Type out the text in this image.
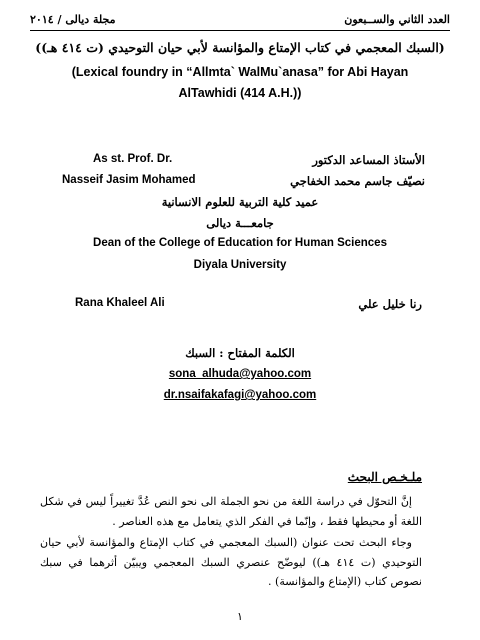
مجلة ديالى / ٢٠١٤	العدد الثاني والســبعون
(السبك المعجمي في كتاب الإمتاع والمؤانسة لأبي حيان التوحيدي (ت ٤١٤ هـ))
(Lexical foundry in “Allmta` WalMu`anasa” for Abi Hayan
AlTawhidi (414 A.H.))
As st. Prof. Dr.	الأستاذ المساعد الدكتور
Nasseif Jasim Mohamed	نصيّف جاسم محمد الخفاجي
عميد كلية التربية للعلوم الانسانية
جامعـــة ديالى
Dean of the College of Education for Human Sciences
Diyala University
Rana Khaleel Ali	رنا خليل علي
الكلمة المفتاح : السبك
sona_alhuda@yahoo.com
dr.nsaifakafagi@yahoo.com
ملـخـص البحث

إنَّ التحوّل في دراسة اللغة من نحو الجملة الى نحو النص عُدَّ تغييراً ليس في شكل اللغة أو محيطها فقط ، وإنّما في الفكر الذي يتعامل مع هذه العناصر .

وجاء البحث تحت عنوان (السبك المعجمي في كتاب الإمتاع والمؤانسة لأبي حيان التوحيدي (ت ٤١٤ هـ)) ليوضّح عنصري السبك المعجمي ويبيّن أثرهما في سبك نصوص كتاب (الإمتاع والمؤانسة) .

١
